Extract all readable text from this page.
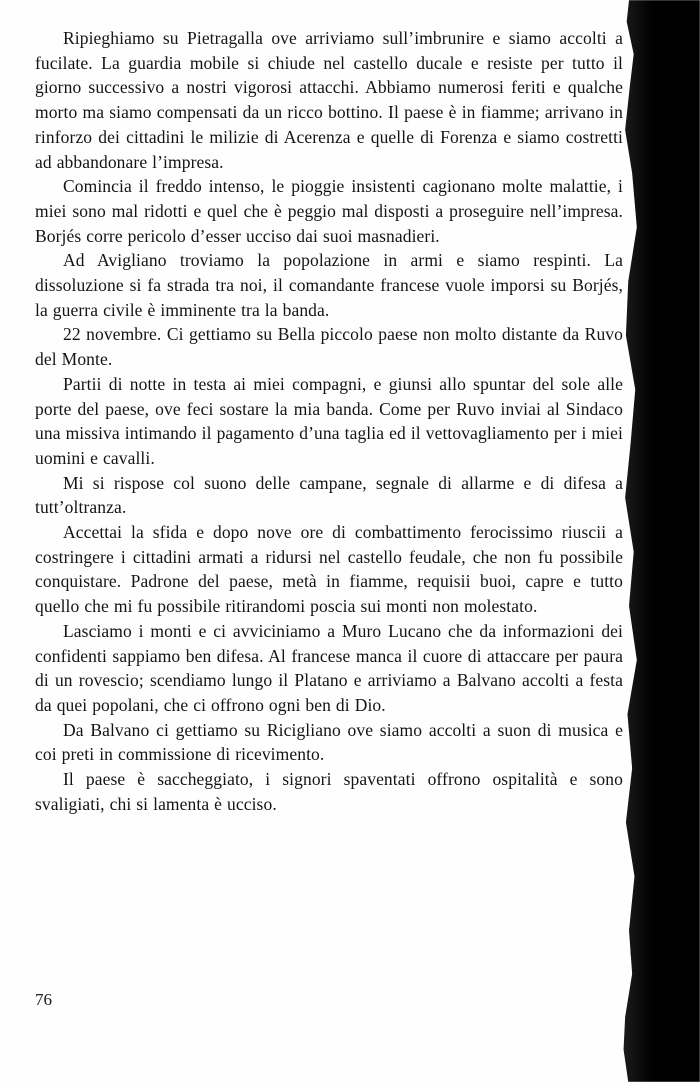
Ripieghiamo su Pietragalla ove arriviamo sull’imbrunire e siamo accolti a fucilate. La guardia mobile si chiude nel castello ducale e resiste per tutto il giorno successivo a nostri vigorosi attacchi. Abbiamo numerosi feriti e qualche morto ma siamo compensati da un ricco bottino. Il paese è in fiamme; arrivano in rinforzo dei cittadini le milizie di Acerenza e quelle di Forenza e siamo costretti ad abbandonare l’impresa.

Comincia il freddo intenso, le pioggie insistenti cagionano molte malattie, i miei sono mal ridotti e quel che è peggio mal disposti a proseguire nell’impresa. Borjés corre pericolo d’esser ucciso dai suoi masnadieri.

Ad Avigliano troviamo la popolazione in armi e siamo respinti. La dissoluzione si fa strada tra noi, il comandante francese vuole imporsi su Borjés, la guerra civile è imminente tra la banda.

22 novembre. Ci gettiamo su Bella piccolo paese non molto distante da Ruvo del Monte.

Partii di notte in testa ai miei compagni, e giunsi allo spuntar del sole alle porte del paese, ove feci sostare la mia banda. Come per Ruvo inviai al Sindaco una missiva intimando il pagamento d’una taglia ed il vettovagliamento per i miei uomini e cavalli.

Mi si rispose col suono delle campane, segnale di allarme e di difesa a tutt’oltranza.

Accettai la sfida e dopo nove ore di combattimento ferocissimo riuscii a costringere i cittadini armati a ridursi nel castello feudale, che non fu possibile conquistare. Padrone del paese, metà in fiamme, requisii buoi, capre e tutto quello che mi fu possibile ritirandomi poscia sui monti non molestato.

Lasciamo i monti e ci avviciniamo a Muro Lucano che da informazioni dei confidenti sappiamo ben difesa. Al francese manca il cuore di attaccare per paura di un rovescio; scendiamo lungo il Platano e arriviamo a Balvano accolti a festa da quei popolani, che ci offrono ogni ben di Dio.

Da Balvano ci gettiamo su Ricigliano ove siamo accolti a suon di musica e coi preti in commissione di ricevimento.

Il paese è saccheggiato, i signori spaventati offrono ospitalità e sono svaligiati, chi si lamenta è ucciso.

76
